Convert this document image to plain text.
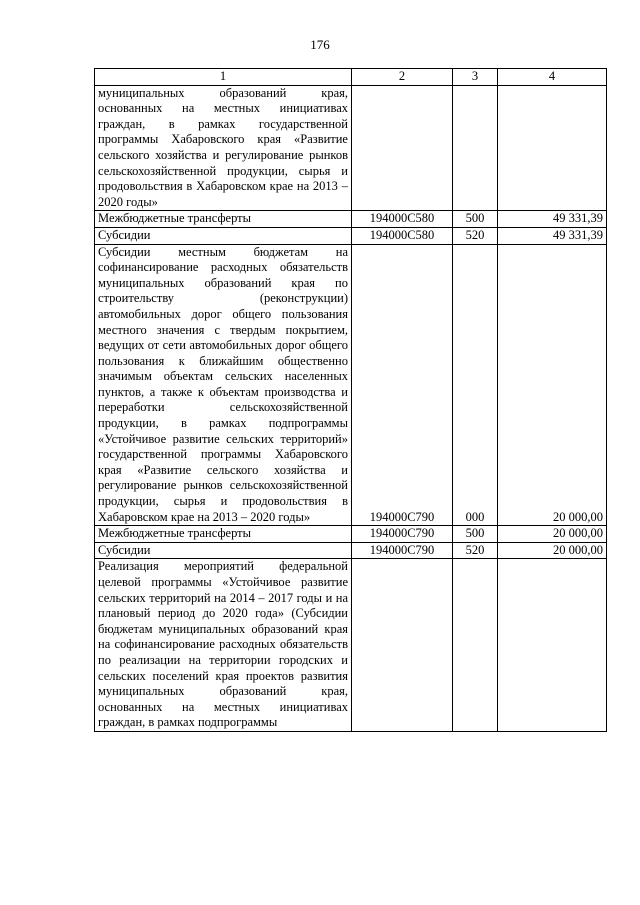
176
1	2	3	4
муниципальных образований края, основанных на местных инициативах граждан, в рамках государственной программы Хабаровского края «Развитие сельского хозяйства и регулирование рынков сельскохозяйственной продукции, сырья и продовольствия в Хабаровском крае на 2013 – 2020 годы»			
Межбюджетные трансферты	194000С580	500	49 331,39
Субсидии	194000С580	520	49 331,39
Субсидии местным бюджетам на софинансирование расходных обязательств муниципальных образований края по строительству (реконструкции) автомобильных дорог общего пользования местного значения с твердым покрытием, ведущих от сети автомобильных дорог общего пользования к ближайшим общественно значимым объектам сельских населенных пунктов, а также к объектам производства и переработки сельскохозяйственной продукции, в рамках подпрограммы «Устойчивое развитие сельских территорий» государственной программы Хабаровского края «Развитие сельского хозяйства и регулирование рынков сельскохозяйственной продукции, сырья и продовольствия в Хабаровском крае на 2013 – 2020 годы»	194000С790	000	20 000,00
Межбюджетные трансферты	194000С790	500	20 000,00
Субсидии	194000С790	520	20 000,00
Реализация мероприятий федеральной целевой программы «Устойчивое развитие сельских территорий на 2014 – 2017 годы и на плановый период до 2020 года» (Субсидии бюджетам муниципальных образований края на софинансирование расходных обязательств по реализации на территории городских и сельских поселений края проектов развития муниципальных образований края, основанных на местных инициативах граждан, в рамках подпрограммы			
